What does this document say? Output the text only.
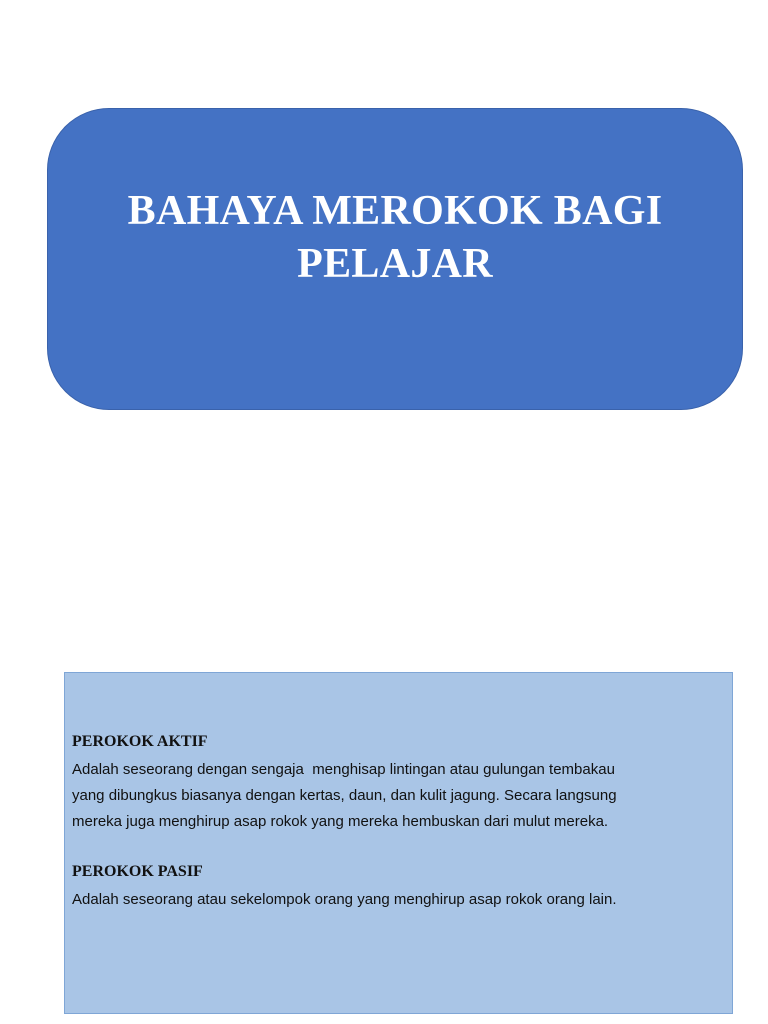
BAHAYA MEROKOK BAGI
PELAJAR

PEROKOK AKTIF

Adalah seseorang dengan sengaja  menghisap lintingan atau gulungan tembakau
yang dibungkus biasanya dengan kertas, daun, dan kulit jagung. Secara langsung
mereka juga menghirup asap rokok yang mereka hembuskan dari mulut mereka.

PEROKOK PASIF

Adalah seseorang atau sekelompok orang yang menghirup asap rokok orang lain.
